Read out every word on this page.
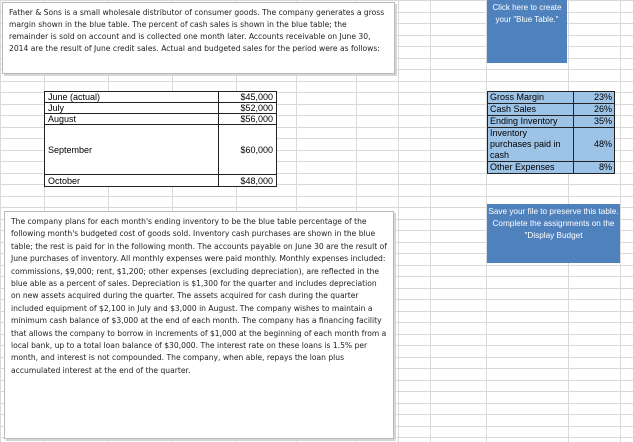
Father & Sons is a small wholesale distributor of consumer goods. The company generates a gross margin shown in the blue table. The percent of cash sales is shown in the blue table; the remainder is sold on account and is collected one month later. Accounts receivable on June 30, 2014 are the result of June credit sales. Actual and budgeted sales for the period were as follows:
June (actual)	$45,000
July	$52,000
August	$56,000
September	$60,000
October	$48,000
Click here to create your "Blue Table."
Gross Margin	23%
Cash Sales	26%
Ending Inventory	35%
Inventory purchases paid in cash	48%
Other Expenses	8%
Save your file to preserve this table. Complete the assignments on the "Display Budget
The company plans for each month's ending inventory to be the blue table percentage of the following month's budgeted cost of goods sold. Inventory cash purchases are shown in the blue table; the rest is paid for in the following month. The accounts payable on June 30 are the result of June purchases of inventory. All monthly expenses were paid monthly. Monthly expenses included: commissions, $9,000; rent, $1,200; other expenses (excluding depreciation), are reflected in the blue able as a percent of sales. Depreciation is $1,300 for the quarter and includes depreciation on new assets acquired during the quarter. The assets acquired for cash during the quarter included equipment of $2,100 in July and $3,000 in August. The company wishes to maintain a minimum cash balance of $3,000 at the end of each month. The company has a financing facility that allows the company to borrow in increments of $1,000 at the beginning of each month from a local bank, up to a total loan balance of $30,000. The interest rate on these loans is 1.5% per month, and interest is not compounded. The company, when able, repays the loan plus accumulated interest at the end of the quarter.
